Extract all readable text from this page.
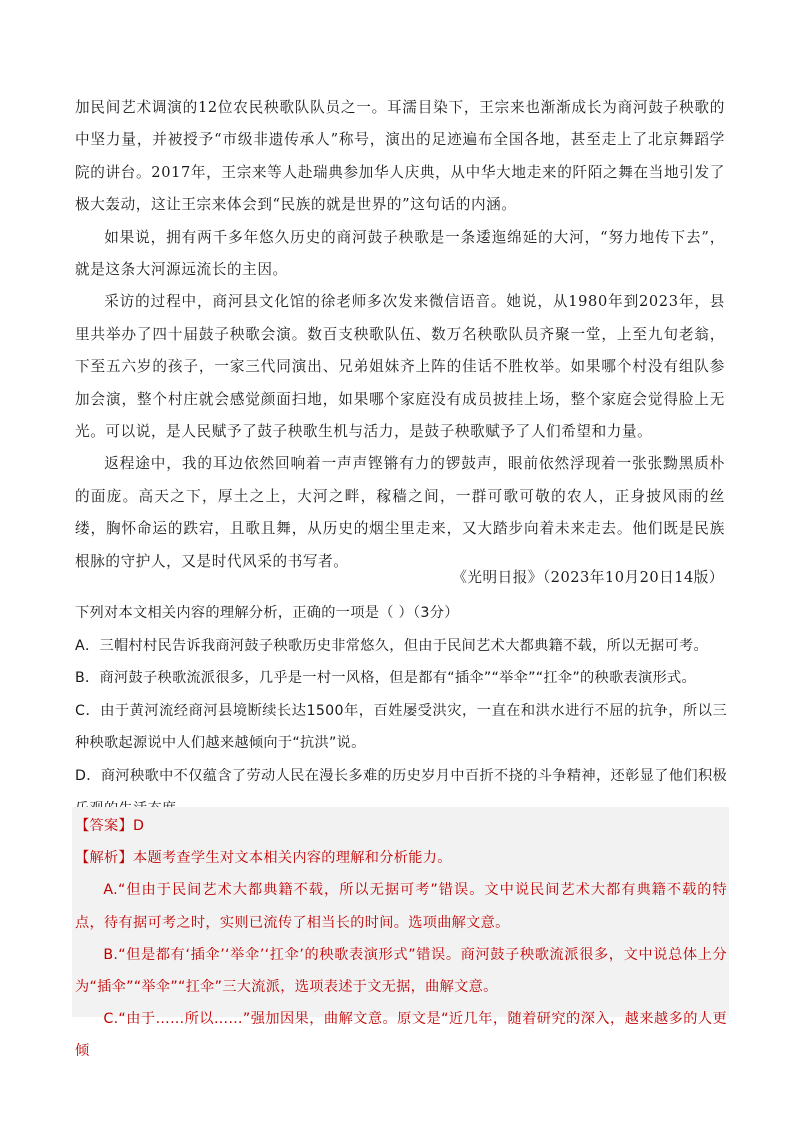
加民间艺术调演的12位农民秧歌队队员之一。耳濡目染下，王宗来也渐渐成长为商河鼓子秧歌的中坚力量，并被授予“市级非遗传承人”称号，演出的足迹遍布全国各地，甚至走上了北京舞蹈学院的讲台。2017年，王宗来等人赴瑞典参加华人庆典，从中华大地走来的阡陌之舞在当地引发了极大轰动，这让王宗来体会到“民族的就是世界的”这句话的内涵。

如果说，拥有两千多年悠久历史的商河鼓子秧歌是一条逶迤绵延的大河，“努力地传下去”，就是这条大河源远流长的主因。

采访的过程中，商河县文化馆的徐老师多次发来微信语音。她说，从1980年到2023年，县里共举办了四十届鼓子秧歌会演。数百支秧歌队伍、数万名秧歌队员齐聚一堂，上至九旬老翁，下至五六岁的孩子，一家三代同演出、兄弟姐妹齐上阵的佳话不胜枚举。如果哪个村没有组队参加会演，整个村庄就会感觉颜面扫地，如果哪个家庭没有成员披挂上场，整个家庭会觉得脸上无光。可以说，是人民赋予了鼓子秧歌生机与活力，是鼓子秧歌赋予了人们希望和力量。

返程途中，我的耳边依然回响着一声声铿锵有力的锣鼓声，眼前依然浮现着一张张黝黑质朴的面庞。高天之下，厚土之上，大河之畔，稼穑之间，一群可歌可敬的农人，正身披风雨的丝缕，胸怀命运的跌宕，且歌且舞，从历史的烟尘里走来，又大踏步向着未来走去。他们既是民族根脉的守护人，又是时代风采的书写者。

《光明日报》（2023年10月20日14版）

下列对本文相关内容的理解分析，正确的一项是（ ）（3分）

A．三帽村村民告诉我商河鼓子秧歌历史非常悠久，但由于民间艺术大都典籍不载，所以无据可考。

B．商河鼓子秧歌流派很多，几乎是一村一风格，但是都有“插伞”“举伞”“扛伞”的秧歌表演形式。

C．由于黄河流经商河县境断续长达1500年，百姓屡受洪灾，一直在和洪水进行不屈的抗争，所以三种秧歌起源说中人们越来越倾向于“抗洪”说。

D．商河秧歌中不仅蕴含了劳动人民在漫长多难的历史岁月中百折不挠的斗争精神，还彰显了他们积极

【答案】D

【解析】本题考查学生对文本相关内容的理解和分析能力。

A.“但由于民间艺术大都典籍不载，所以无据可考”错误。文中说民间艺术大都有典籍不载的特点，待有据可考之时，实则已流传了相当长的时间。选项曲解文意。

B.“但是都有‘插伞’‘举伞’‘扛伞’的秧歌表演形式”错误。商河鼓子秧歌流派很多，文中说总体上分为“插伞”“举伞”“扛伞”三大流派，选项表述于文无据，曲解文意。

C.“由于……所以……”强加因果，曲解文意。原文是“近几年，随着研究的深入，越来越多的人更倾
